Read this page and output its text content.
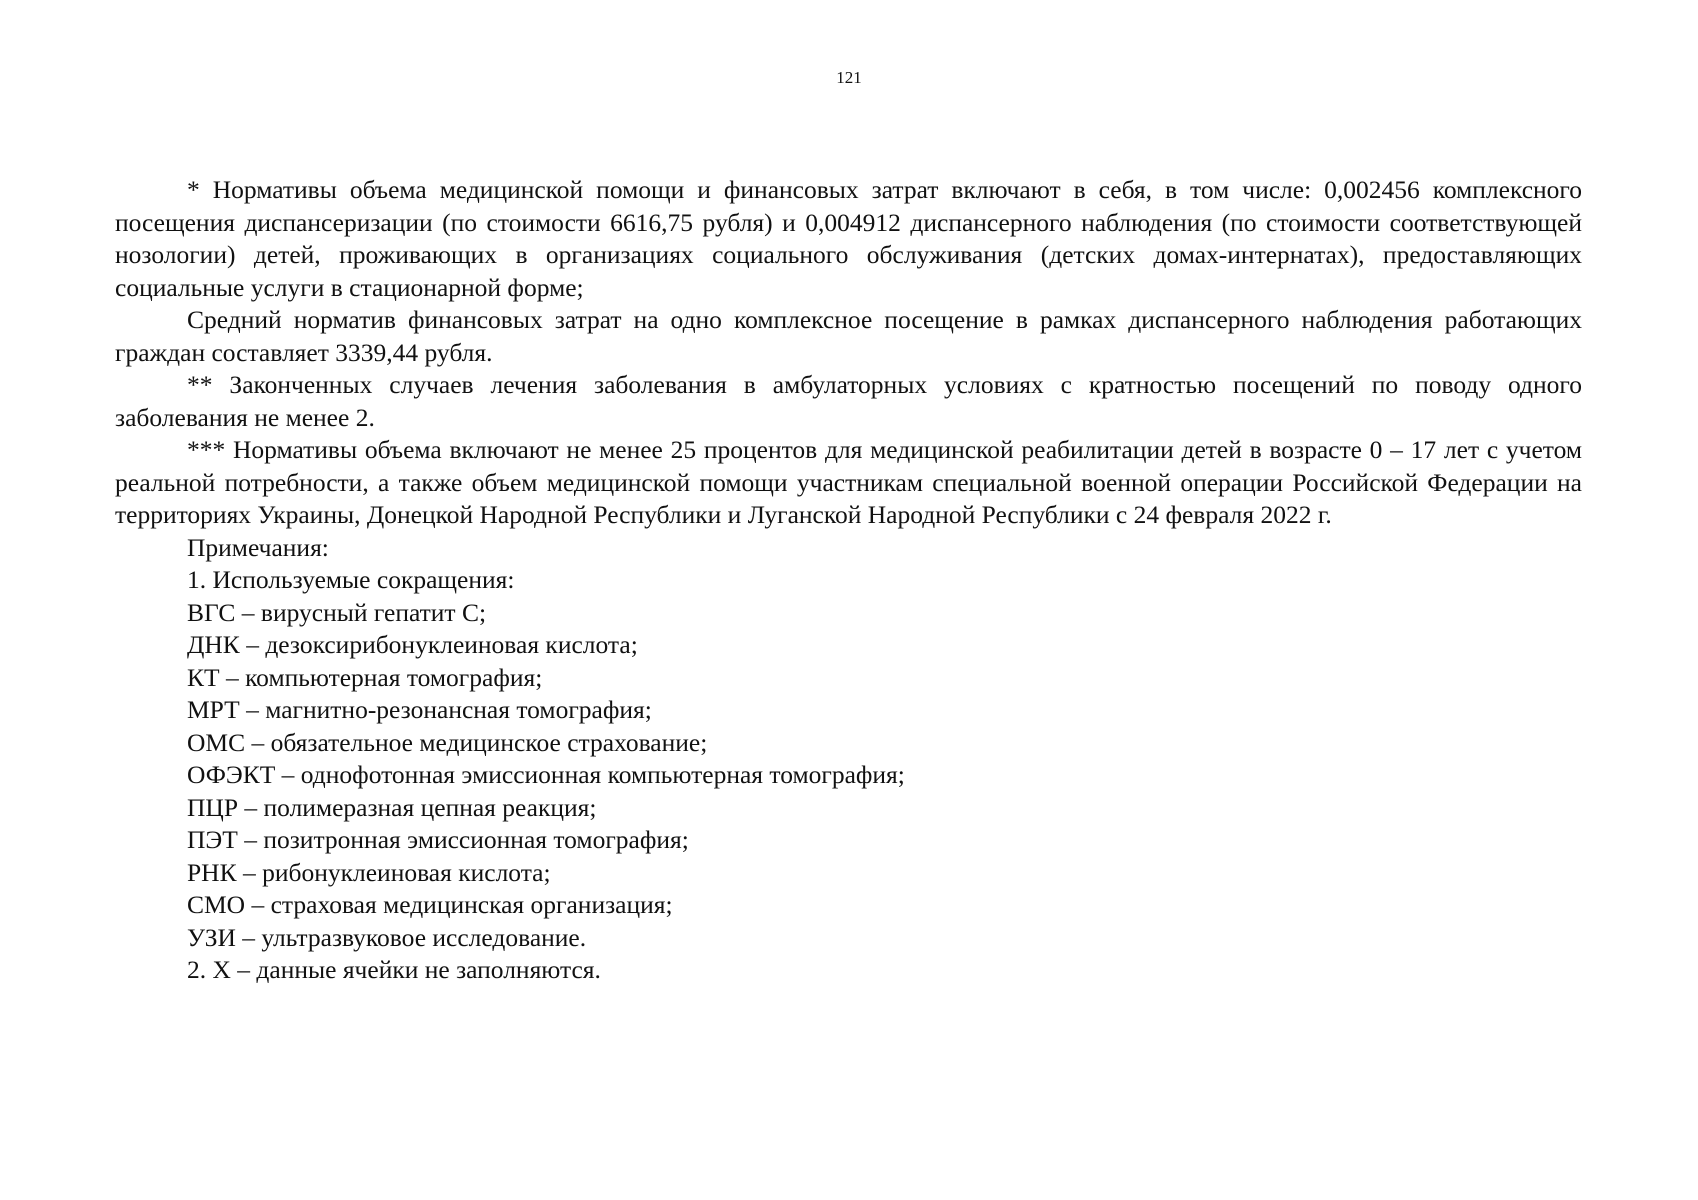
121

* Нормативы объема медицинской помощи и финансовых затрат включают в себя, в том числе: 0,002456 комплексного посещения диспансеризации (по стоимости 6616,75 рубля) и 0,004912 диспансерного наблюдения (по стоимости соответствующей нозологии) детей, проживающих в организациях социального обслуживания (детских домах-интернатах), предоставляющих социальные услуги в стационарной форме;

Средний норматив финансовых затрат на одно комплексное посещение в рамках диспансерного наблюдения работающих граждан составляет 3339,44 рубля.

** Законченных случаев лечения заболевания в амбулаторных условиях с кратностью посещений по поводу одного заболевания не менее 2.

*** Нормативы объема включают не менее 25 процентов для медицинской реабилитации детей в возрасте 0 – 17 лет с учетом реальной потребности, а также объем медицинской помощи участникам специальной военной операции Российской Федерации на территориях Украины, Донецкой Народной Республики и Луганской Народной Республики с 24 февраля 2022 г.

Примечания:

1. Используемые сокращения:

ВГС – вирусный гепатит С;

ДНК – дезоксирибонуклеиновая кислота;

КТ – компьютерная томография;

МРТ – магнитно-резонансная томография;

ОМС – обязательное медицинское страхование;

ОФЭКТ – однофотонная эмиссионная компьютерная томография;

ПЦР – полимеразная цепная реакция;

ПЭТ – позитронная эмиссионная томография;

РНК – рибонуклеиновая кислота;

СМО – страховая медицинская организация;

УЗИ – ультразвуковое исследование.

2. Х – данные ячейки не заполняются.
